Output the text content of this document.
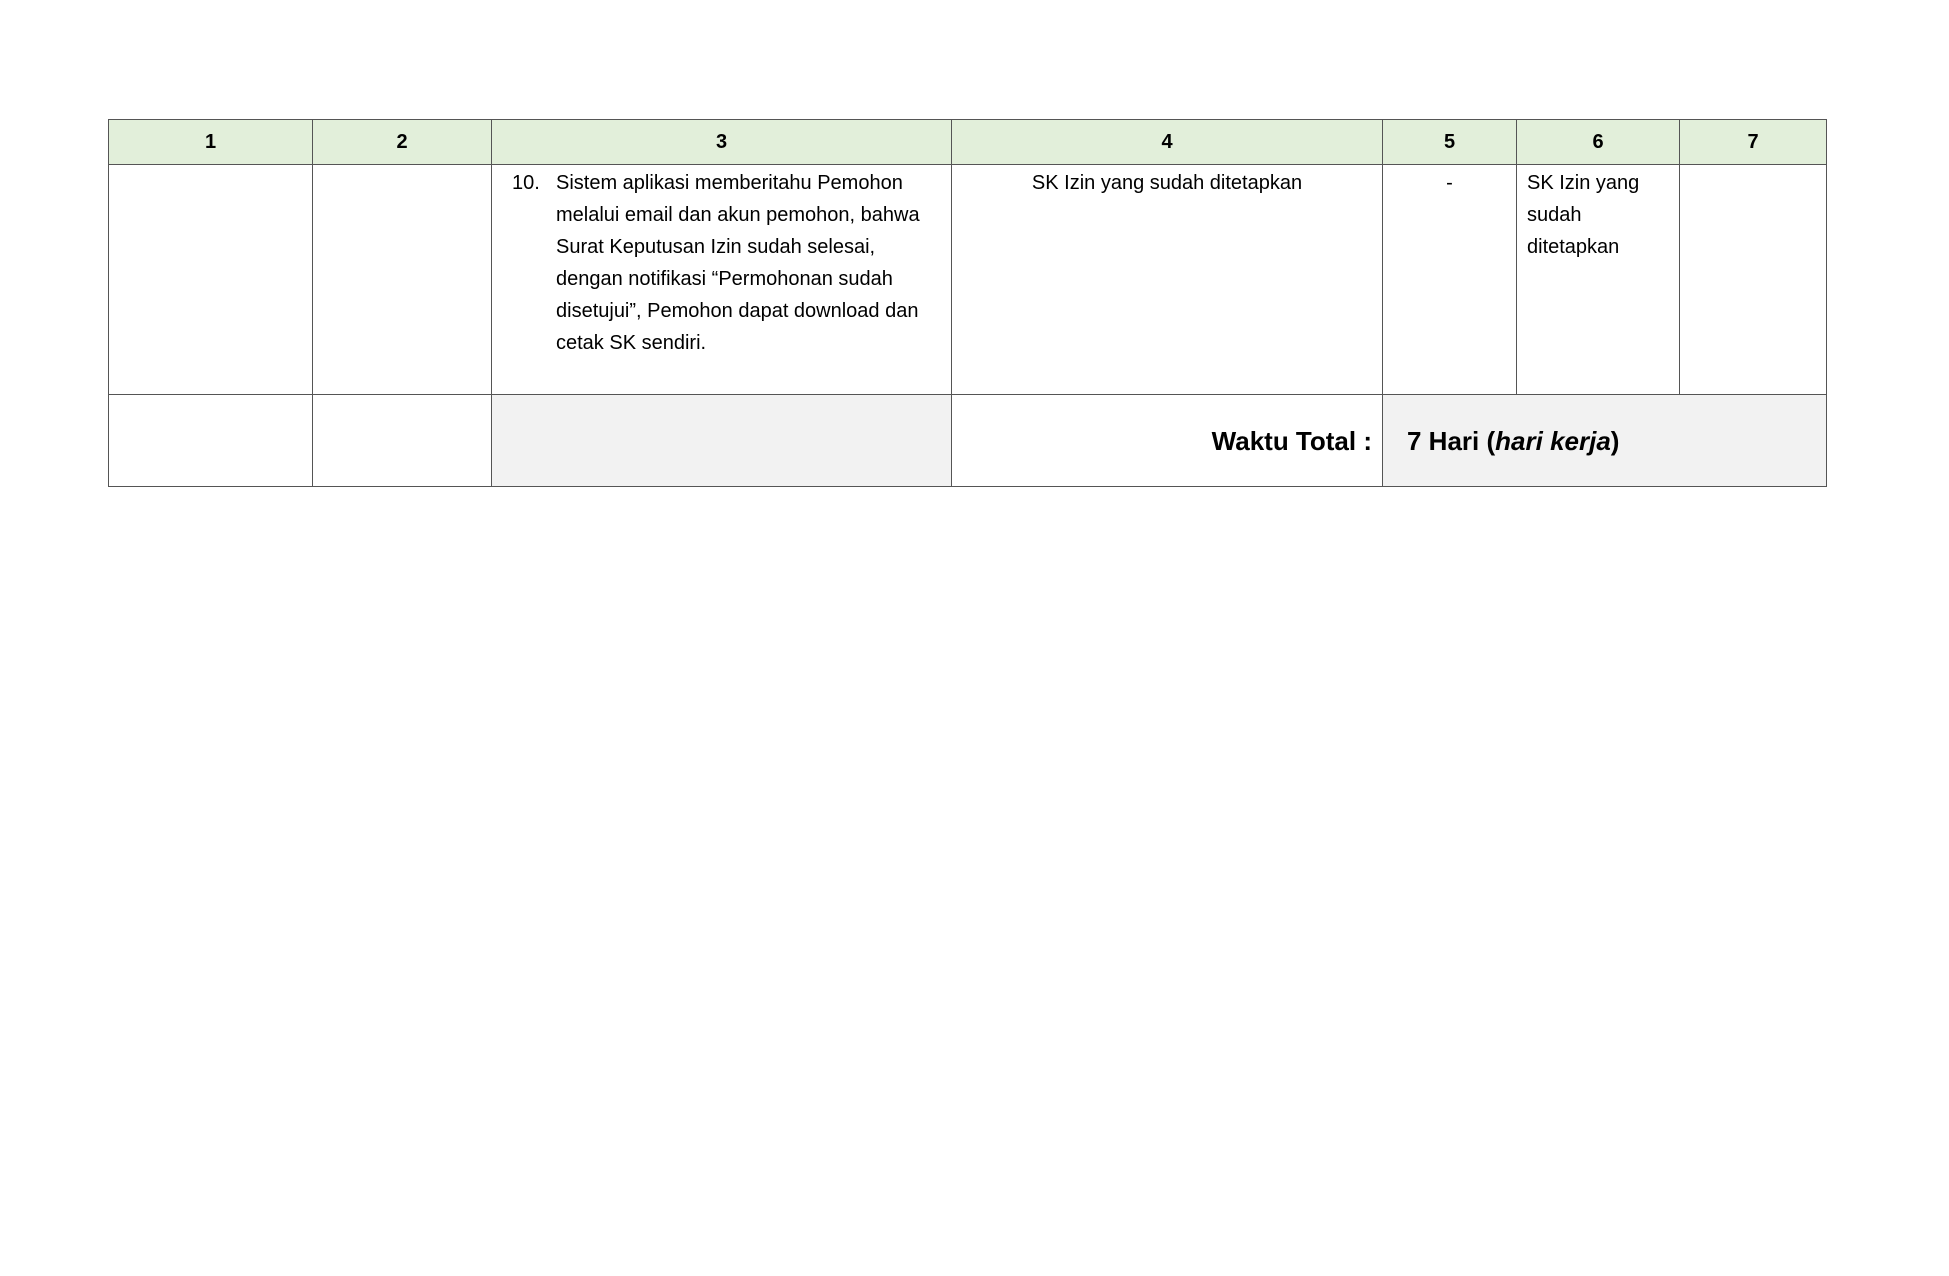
1	2	3	4	5	6	7

		10. Sistem aplikasi memberitahu Pemohon melalui email dan akun pemohon, bahwa Surat Keputusan Izin sudah selesai, dengan notifikasi “Permohonan sudah disetujui”, Pemohon dapat download dan cetak SK sendiri.	SK Izin yang sudah ditetapkan	-	SK Izin yang sudah ditetapkan	
			Waktu Total :	7 Hari (hari kerja)		
